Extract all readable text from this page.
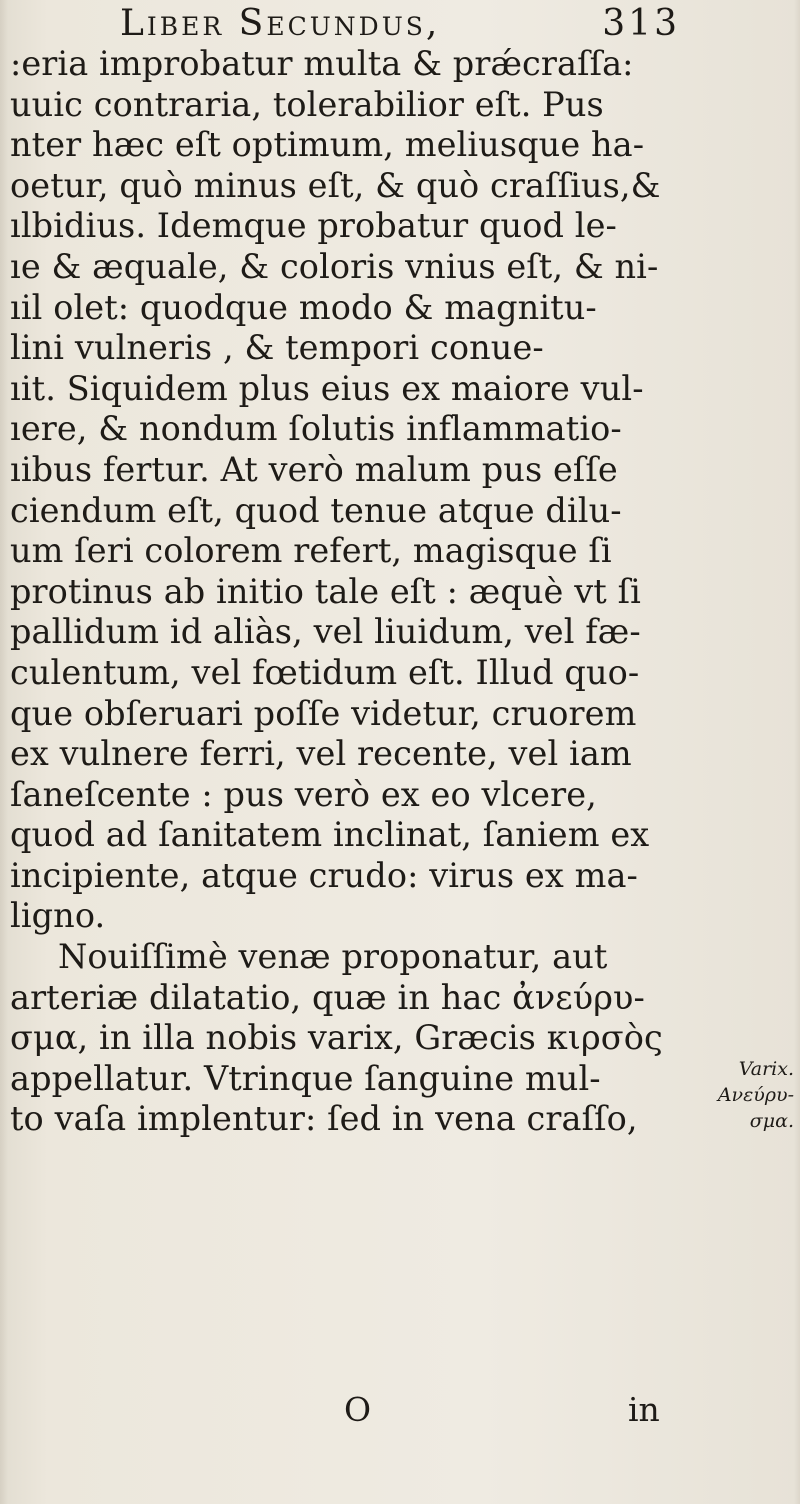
Liber Secundus,	313
:eria improbatur multa & prǽcraſſa:
uuic contraria, tolerabilior eſt. Pus
nter hæc eſt optimum, meliusque ha-
oetur, quò minus eſt, & quò craſſius,&
ılbidius. Idemque probatur quod le-
ıe & æquale, & coloris vnius eſt, & ni-
ıil olet: quodque modo & magnitu-
lini vulneris , & tempori conue-
ıit. Siquidem plus eius ex maiore vul-
ıere, & nondum ſolutis inflammatio-
ıibus fertur. At verò malum pus eſſe
ciendum eſt, quod tenue atque dilu-
um ſeri colorem refert, magisque ſi
protinus ab initio tale eſt : æquè vt ſi
pallidum id aliàs, vel liuidum, vel fæ-
culentum, vel fœtidum eſt. Illud quo-
que obſeruari poſſe videtur, cruorem
ex vulnere ferri, vel recente, vel iam
ſaneſcente : pus verò ex eo vlcere,
quod ad ſanitatem inclinat, ſaniem ex
incipiente, atque crudo: virus ex ma-
ligno.
Nouiſſimè venæ proponatur, aut
arteriæ dilatatio, quæ in hac ἀνεύρυ-
σμα, in illa nobis varix, Græcis κιρσὸς
appellatur. Vtrinque ſanguine mul-
to vaſa implentur: ſed in vena craſſo,
Varix.
Aνεύρυ-
σμα.
O	in
